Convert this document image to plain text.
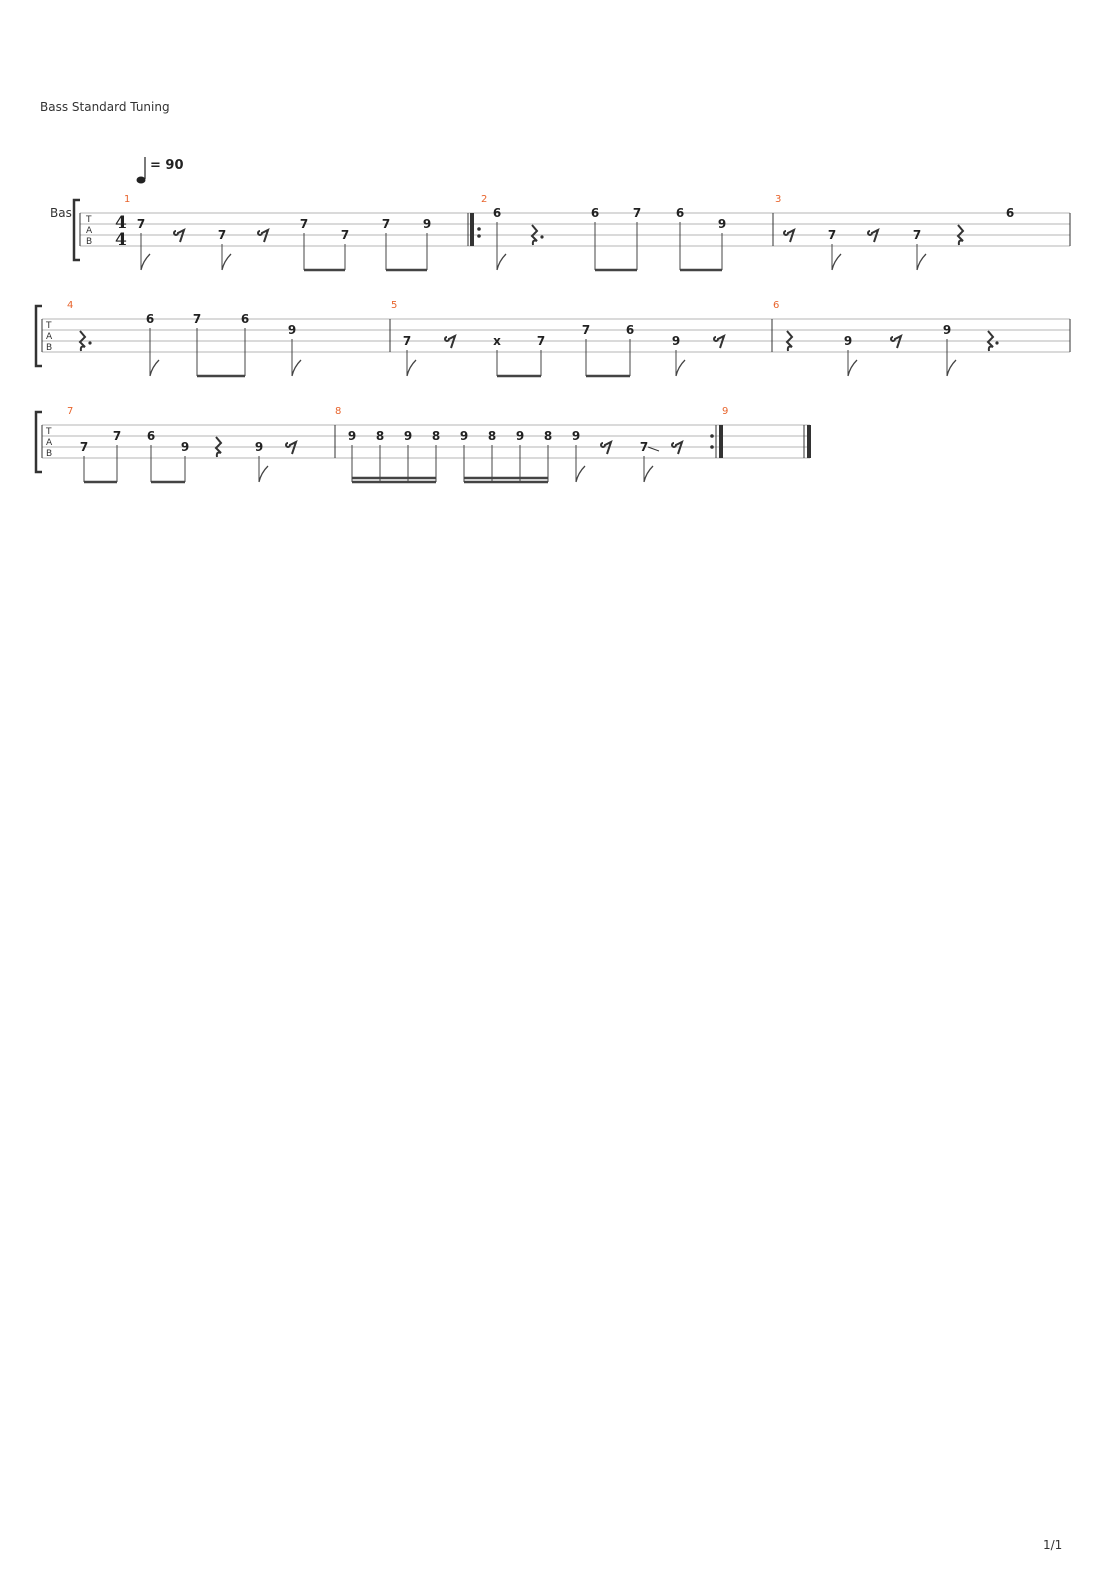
Bass Standard Tuning
= 90
Bas T
A
B
T
A
B
T
A
B
4
4
1	2	3
4	5	6
7	8	9
7
7
7
7
7	9
6	6	7	6
9
7	7
6
6	7	6
9
7	x	7
7	6
9	9
9
7
7 6
9	9
9 8 9 8 9 8 9 8 9
7
1/1
